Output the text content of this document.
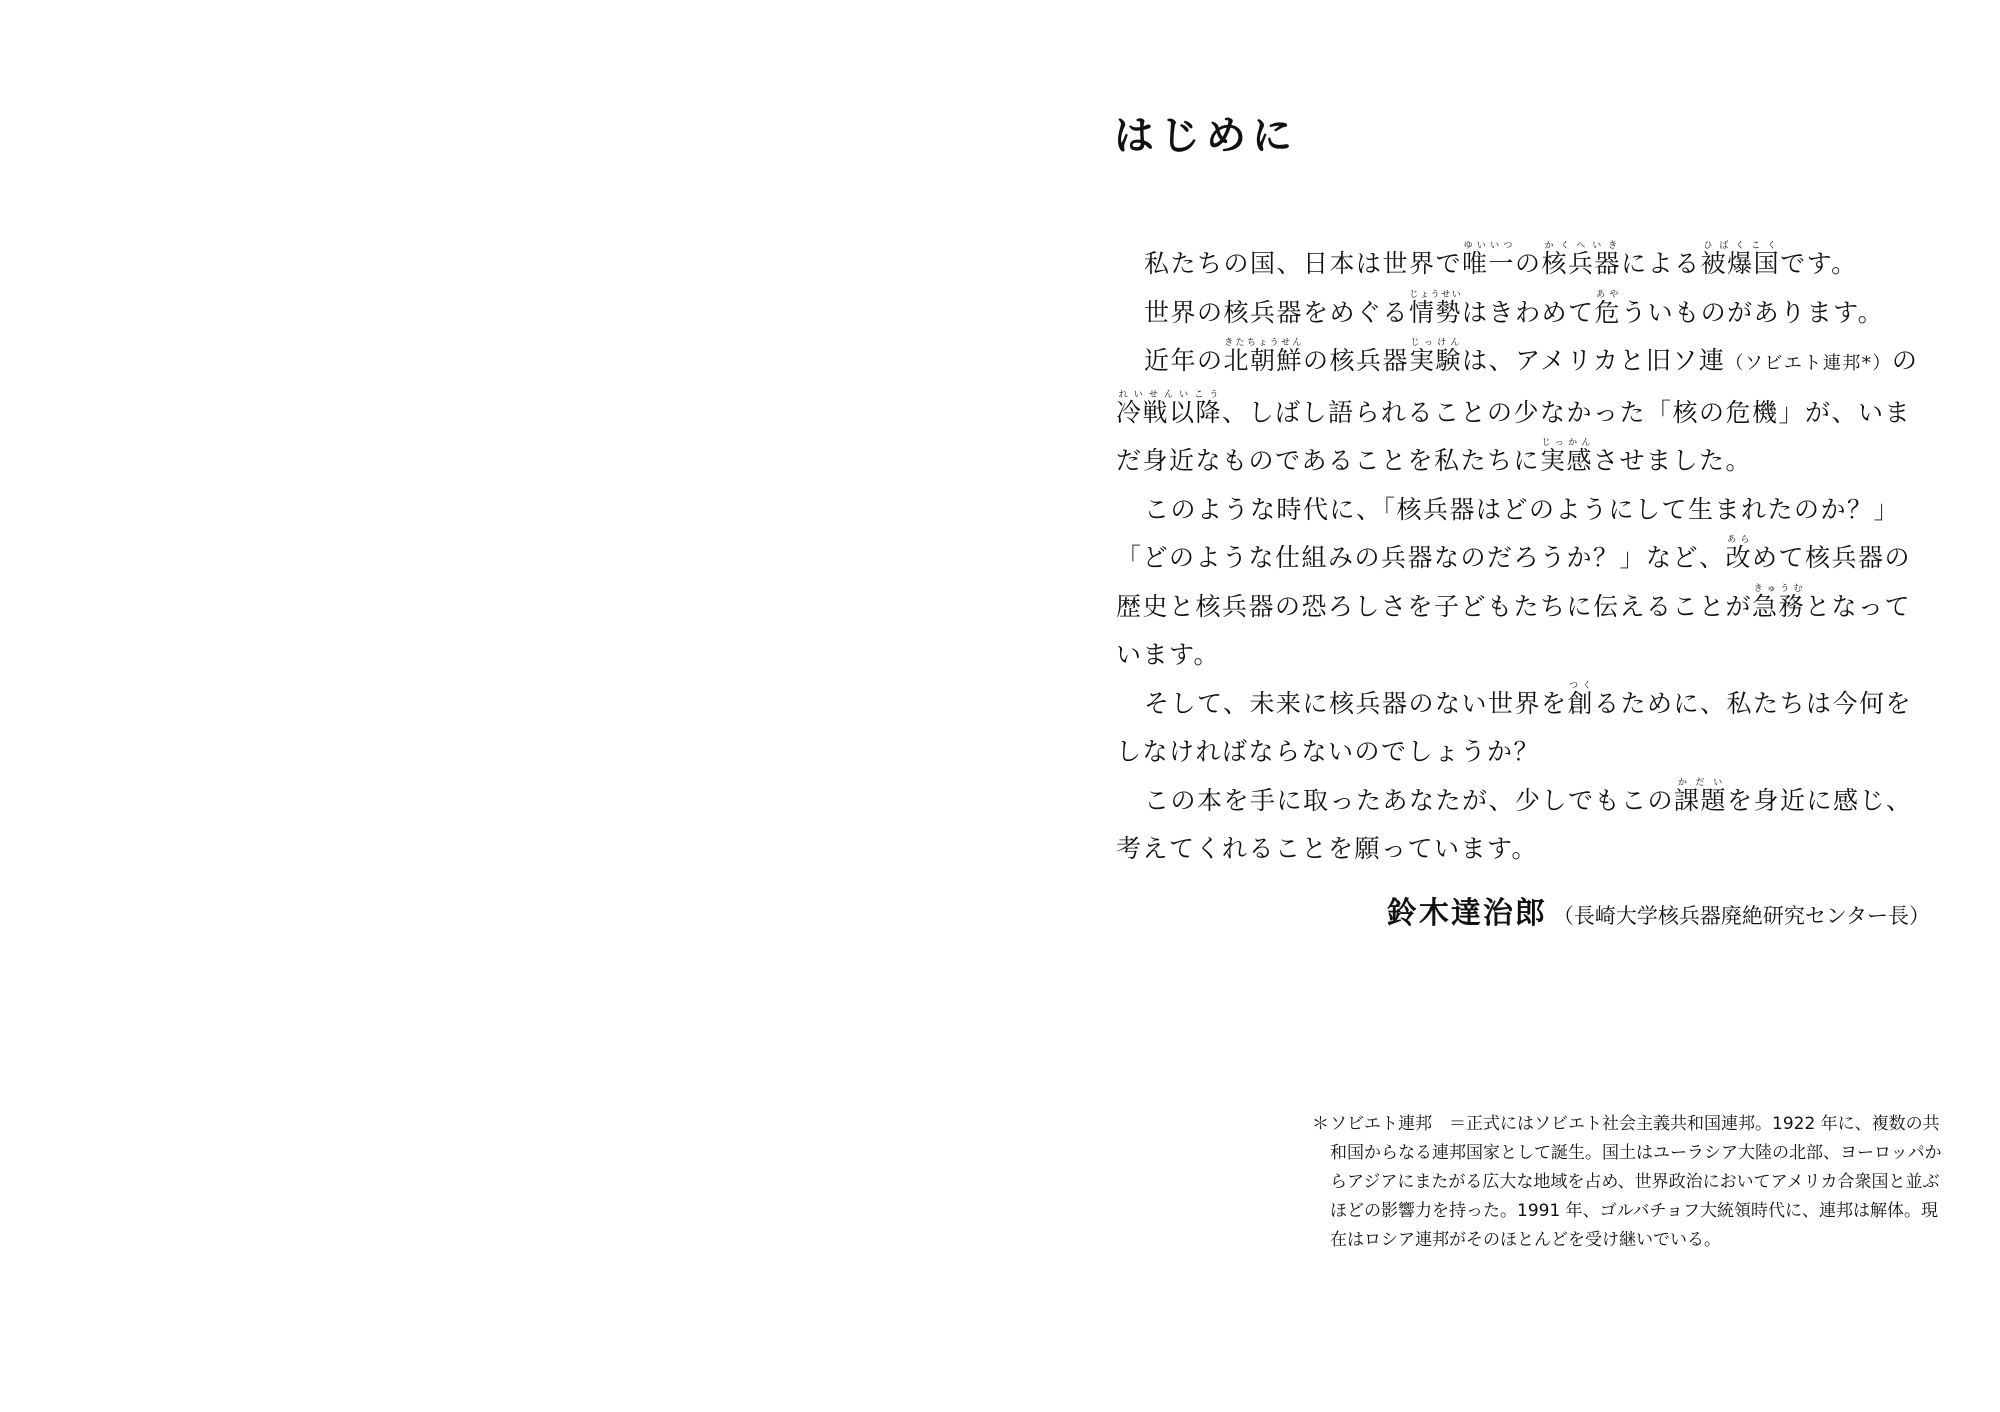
はじめに

私たちの国、日本は世界で唯一ゆいいつの核兵器かくへいきによる被爆国ひばくこくです。

世界の核兵器をめぐる情勢じょうせいはきわめて危あやういものがあります。

近年の北朝鮮きたちょうせんの核兵器実験じっけんは、アメリカと旧ソ連（ソビエト連邦*）の冷戦以降れいせんいこう、しばし語られることの少なかった「核の危機」が、いまだ身近なものであることを私たちに実感じっかんさせました。

このような時代に、「核兵器はどのようにして生まれたのか？」「どのような仕組みの兵器なのだろうか？」など、改あらめて核兵器の歴史と核兵器の恐ろしさを子どもたちに伝えることが急務きゅうむとなっています。

そして、未来に核兵器のない世界を創つくるために、私たちは今何をしなければならないのでしょうか？

この本を手に取ったあなたが、少しでもこの課題かだいを身近に感じ、考えてくれることを願っています。

鈴木達治郎 （長崎大学核兵器廃絶研究センター長）
＊ ソビエト連邦　 ＝正式にはソビエト社会主義共和国連邦。1922 年に、複数の共和国からなる連邦国家として誕生。国土はユーラシア大陸の北部、ヨーロッパからアジアにまたがる広大な地域を占め、世界政治においてアメリカ合衆国と並ぶほどの影響力を持った。1991 年、ゴルバチョフ大統領時代に、連邦は解体。現在はロシア連邦がそのほとんどを受け継いでいる。
